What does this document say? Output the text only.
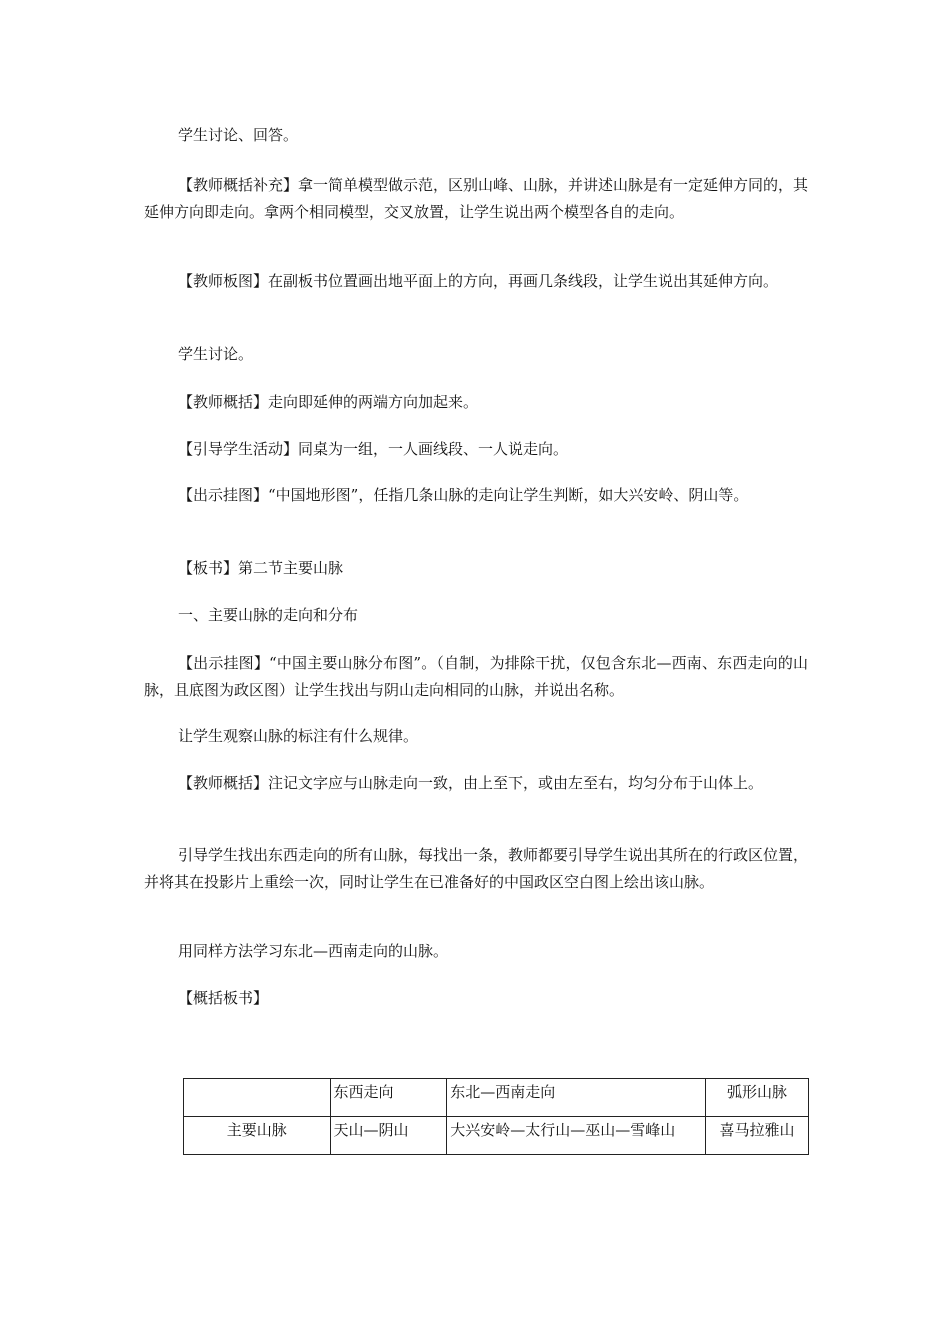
学生讨论、回答。

【教师概括补充】拿一简单模型做示范，区别山峰、山脉，并讲述山脉是有一定延伸方同的，其延伸方向即走向。拿两个相同模型，交叉放置，让学生说出两个模型各自的走向。

【教师板图】在副板书位置画出地平面上的方向，再画几条线段，让学生说出其延伸方向。

学生讨论。

【教师概括】走向即延伸的两端方向加起来。

【引导学生活动】同桌为一组，一人画线段、一人说走向。

【出示挂图】“中国地形图”，任指几条山脉的走向让学生判断，如大兴安岭、阴山等。

【板书】第二节主要山脉

一、主要山脉的走向和分布

【出示挂图】“中国主要山脉分布图”。（自制，为排除干扰，仅包含东北—西南、东西走向的山脉，且底图为政区图）让学生找出与阴山走向相同的山脉，并说出名称。

让学生观察山脉的标注有什么规律。

【教师概括】注记文字应与山脉走向一致，由上至下，或由左至右，均匀分布于山体上。

引导学生找出东西走向的所有山脉，每找出一条，教师都要引导学生说出其所在的行政区位置，并将其在投影片上重绘一次，同时让学生在已准备好的中国政区空白图上绘出该山脉。

用同样方法学习东北—西南走向的山脉。

【概括板书】

	东西走向	东北—西南走向	弧形山脉
主要山脉	天山—阴山	大兴安岭—太行山—巫山—雪峰山	喜马拉雅山
